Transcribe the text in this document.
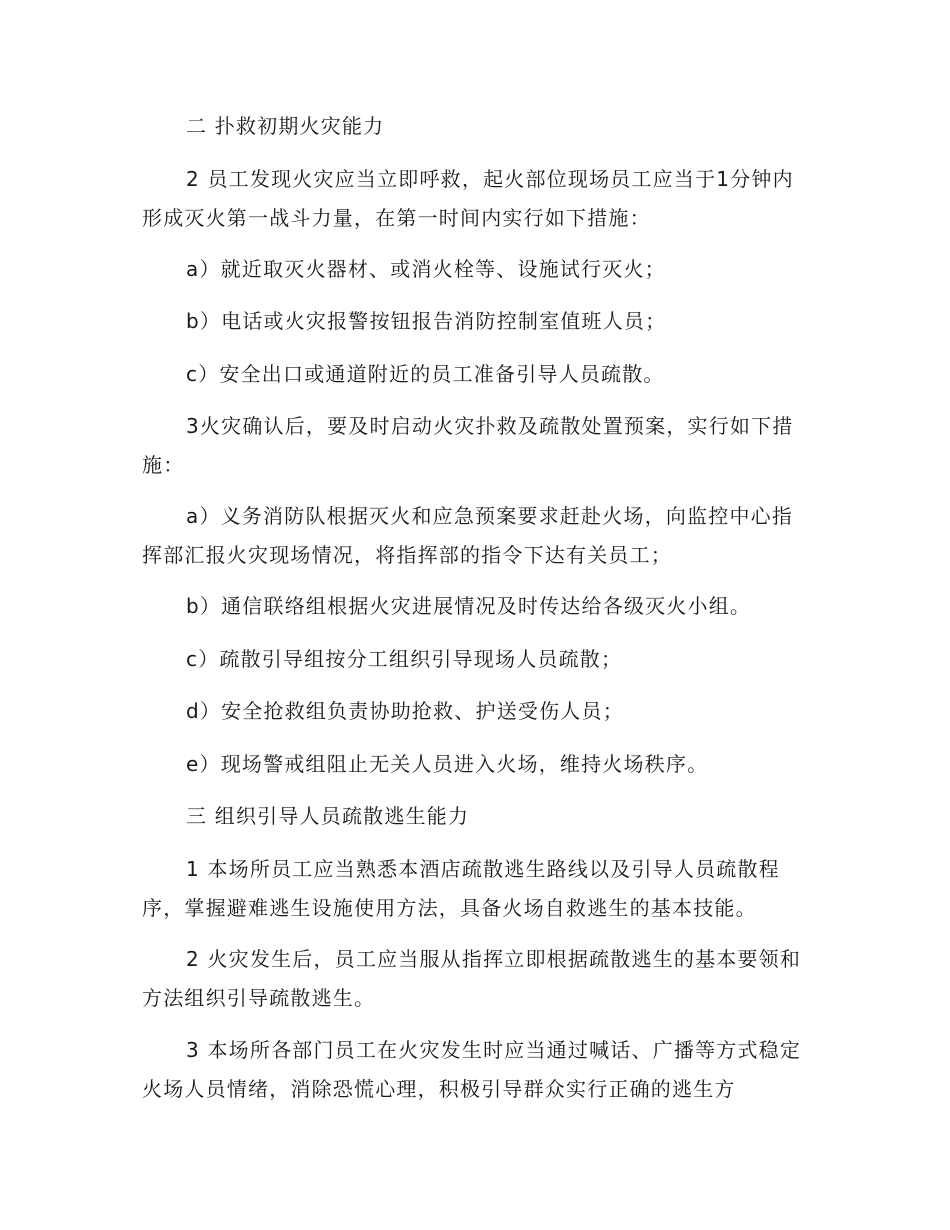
二 扑救初期火灾能力

2 员工发现火灾应当立即呼救，起火部位现场员工应当于1分钟内形成灭火第一战斗力量，在第一时间内实行如下措施：

a）就近取灭火器材、或消火栓等、设施试行灭火；

b）电话或火灾报警按钮报告消防控制室值班人员；

c）安全出口或通道附近的员工准备引导人员疏散。

3火灾确认后，要及时启动火灾扑救及疏散处置预案，实行如下措施：

a）义务消防队根据灭火和应急预案要求赶赴火场，向监控中心指挥部汇报火灾现场情况，将指挥部的指令下达有关员工；

b）通信联络组根据火灾进展情况及时传达给各级灭火小组。

c）疏散引导组按分工组织引导现场人员疏散；

d）安全抢救组负责协助抢救、护送受伤人员；

e）现场警戒组阻止无关人员进入火场，维持火场秩序。

三 组织引导人员疏散逃生能力

1 本场所员工应当熟悉本酒店疏散逃生路线以及引导人员疏散程序，掌握避难逃生设施使用方法，具备火场自救逃生的基本技能。

2 火灾发生后，员工应当服从指挥立即根据疏散逃生的基本要领和方法组织引导疏散逃生。

3 本场所各部门员工在火灾发生时应当通过喊话、广播等方式稳定火场人员情绪，消除恐慌心理，积极引导群众实行正确的逃生方
